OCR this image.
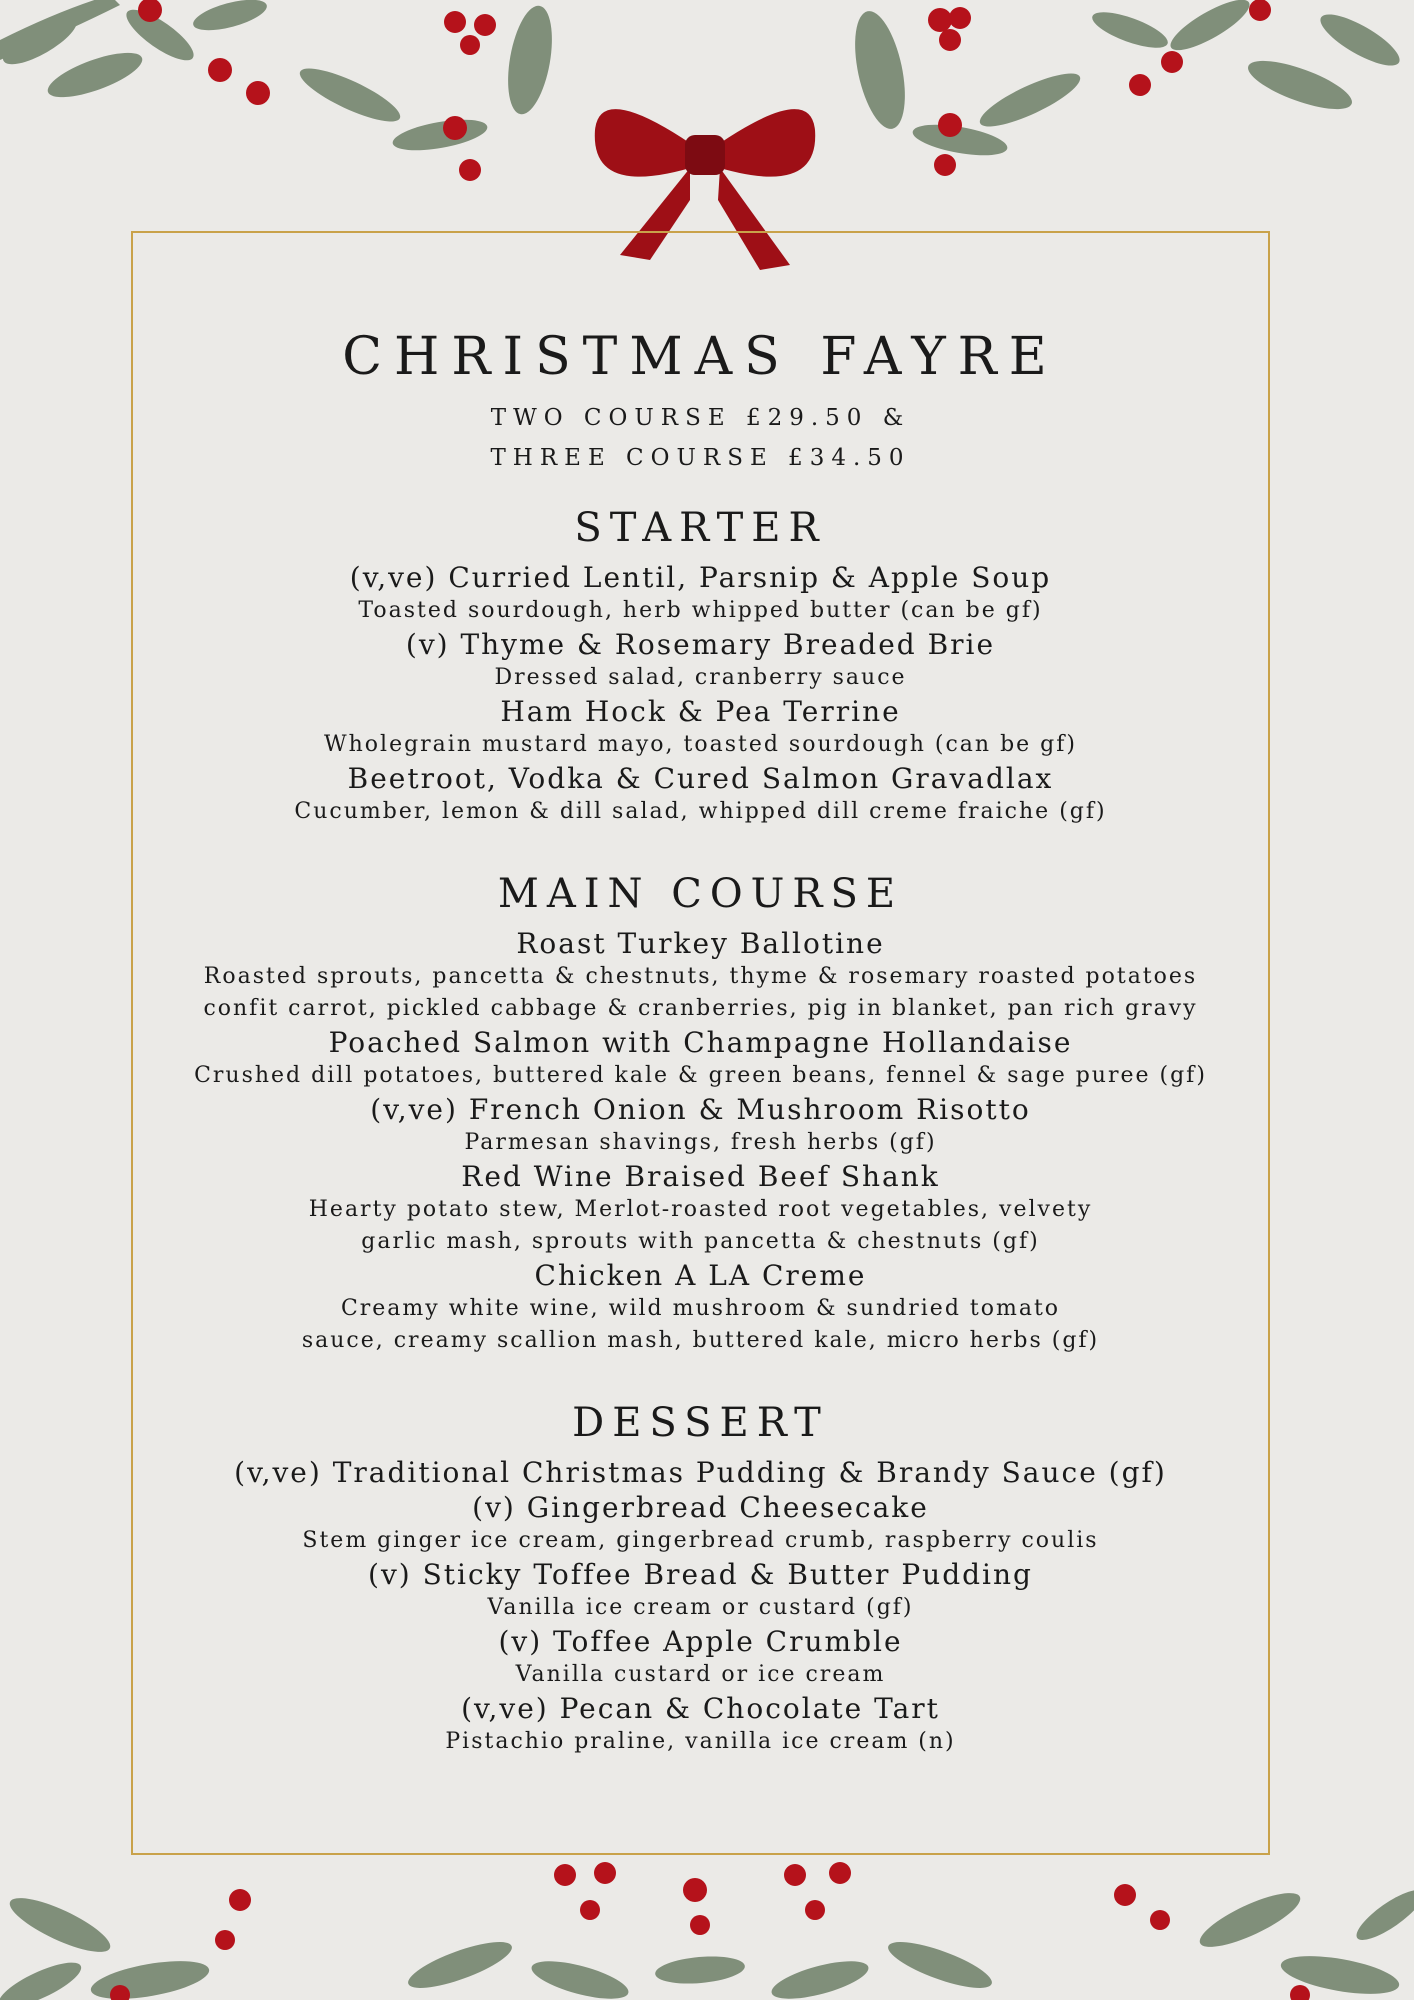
CHRISTMAS FAYRE
TWO COURSE £29.50 &
THREE COURSE £34.50
STARTER
(v,ve) Curried Lentil, Parsnip & Apple Soup
Toasted sourdough, herb whipped butter (can be gf)
(v) Thyme & Rosemary Breaded Brie
Dressed salad, cranberry sauce
Ham Hock & Pea Terrine
Wholegrain mustard mayo, toasted sourdough (can be gf)
Beetroot, Vodka & Cured Salmon Gravadlax
Cucumber, lemon & dill salad, whipped dill creme fraiche (gf)
MAIN COURSE
Roast Turkey Ballotine
Roasted sprouts, pancetta & chestnuts, thyme & rosemary roasted potatoes
confit carrot, pickled cabbage & cranberries, pig in blanket, pan rich gravy
Poached Salmon with Champagne Hollandaise
Crushed dill potatoes, buttered kale & green beans, fennel & sage puree (gf)
(v,ve) French Onion & Mushroom Risotto
Parmesan shavings, fresh herbs (gf)
Red Wine Braised Beef Shank
Hearty potato stew, Merlot-roasted root vegetables, velvety
garlic mash, sprouts with pancetta & chestnuts (gf)
Chicken A LA Creme
Creamy white wine, wild mushroom & sundried tomato
sauce, creamy scallion mash, buttered kale, micro herbs (gf)
DESSERT
(v,ve) Traditional Christmas Pudding & Brandy Sauce (gf)
(v) Gingerbread Cheesecake
Stem ginger ice cream, gingerbread crumb, raspberry coulis
(v) Sticky Toffee Bread & Butter Pudding
Vanilla ice cream or custard (gf)
(v) Toffee Apple Crumble
Vanilla custard or ice cream
(v,ve) Pecan & Chocolate Tart
Pistachio praline, vanilla ice cream (n)
